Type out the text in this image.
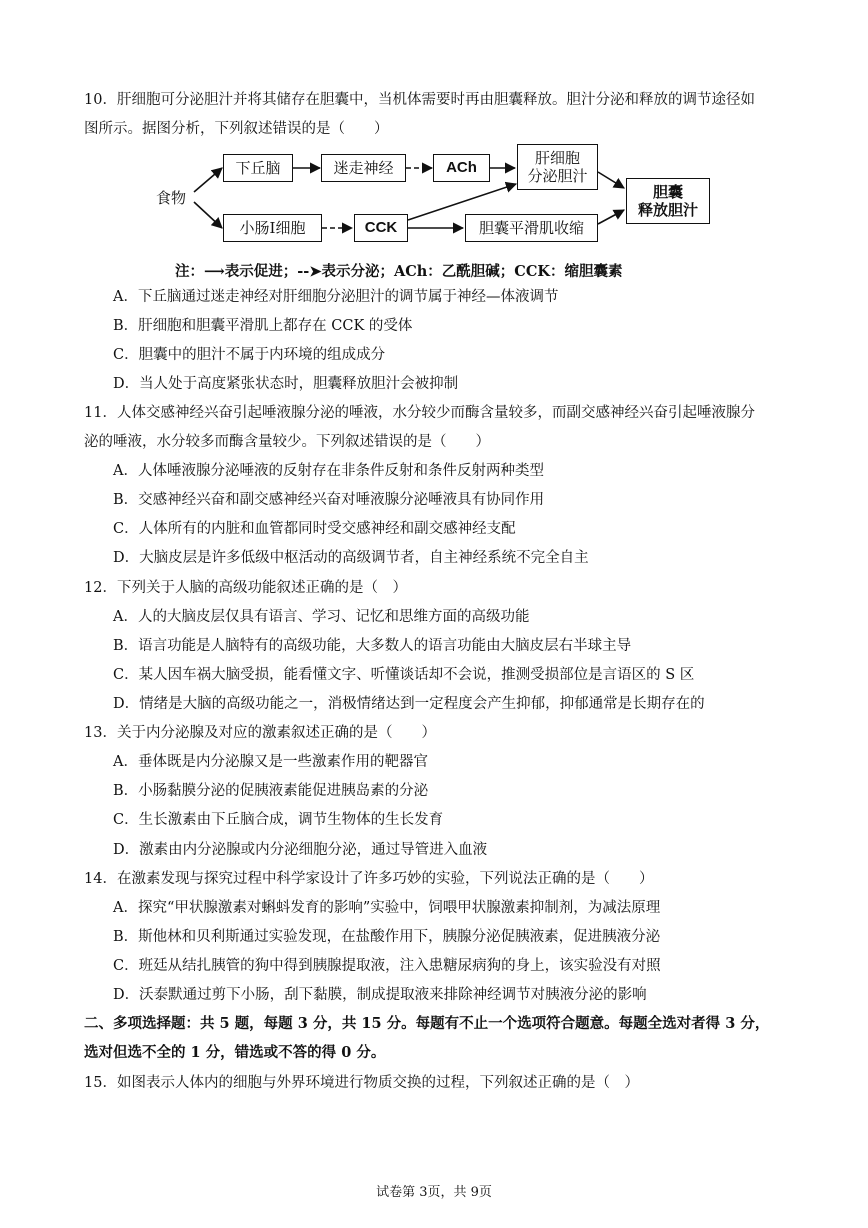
10．肝细胞可分泌胆汁并将其储存在胆囊中，当机体需要时再由胆囊释放。胆汁分泌和释放的调节途径如
图所示。据图分析，下列叙述错误的是（　　）
食物
下丘脑	迷走神经	ACh
肝细胞
分泌胆汁
小肠Ⅰ细胞	CCK	胆囊平滑肌收缩
胆囊
释放胆汁
注：⟶表示促进；--➤表示分泌；ACh：乙酰胆碱；CCK：缩胆囊素
A．下丘脑通过迷走神经对肝细胞分泌胆汁的调节属于神经—体液调节
B．肝细胞和胆囊平滑肌上都存在 CCK 的受体
C．胆囊中的胆汁不属于内环境的组成成分
D．当人处于高度紧张状态时，胆囊释放胆汁会被抑制
11．人体交感神经兴奋引起唾液腺分泌的唾液，水分较少而酶含量较多，而副交感神经兴奋引起唾液腺分
泌的唾液，水分较多而酶含量较少。下列叙述错误的是（　　）
A．人体唾液腺分泌唾液的反射存在非条件反射和条件反射两种类型
B．交感神经兴奋和副交感神经兴奋对唾液腺分泌唾液具有协同作用
C．人体所有的内脏和血管都同时受交感神经和副交感神经支配
D．大脑皮层是许多低级中枢活动的高级调节者，自主神经系统不完全自主
12．下列关于人脑的高级功能叙述正确的是（　）
A．人的大脑皮层仅具有语言、学习、记忆和思维方面的高级功能
B．语言功能是人脑特有的高级功能，大多数人的语言功能由大脑皮层右半球主导
C．某人因车祸大脑受损，能看懂文字、听懂谈话却不会说，推测受损部位是言语区的 S 区
D．情绪是大脑的高级功能之一，消极情绪达到一定程度会产生抑郁，抑郁通常是长期存在的
13．关于内分泌腺及对应的激素叙述正确的是（　　）
A．垂体既是内分泌腺又是一些激素作用的靶器官
B．小肠黏膜分泌的促胰液素能促进胰岛素的分泌
C．生长激素由下丘脑合成，调节生物体的生长发育
D．激素由内分泌腺或内分泌细胞分泌，通过导管进入血液
14．在激素发现与探究过程中科学家设计了许多巧妙的实验，下列说法正确的是（　　）
A．探究“甲状腺激素对蝌蚪发育的影响”实验中，饲喂甲状腺激素抑制剂，为减法原理
B．斯他林和贝利斯通过实验发现，在盐酸作用下，胰腺分泌促胰液素，促进胰液分泌
C．班廷从结扎胰管的狗中得到胰腺提取液，注入患糖尿病狗的身上，该实验没有对照
D．沃泰默通过剪下小肠，刮下黏膜，制成提取液来排除神经调节对胰液分泌的影响
二、多项选择题：共 5 题，每题 3 分，共 15 分。每题有不止一个选项符合题意。每题全选对者得 3 分，
选对但选不全的 1 分，错选或不答的得 0 分。
15．如图表示人体内的细胞与外界环境进行物质交换的过程，下列叙述正确的是（　）
试卷第 3页，共 9页
